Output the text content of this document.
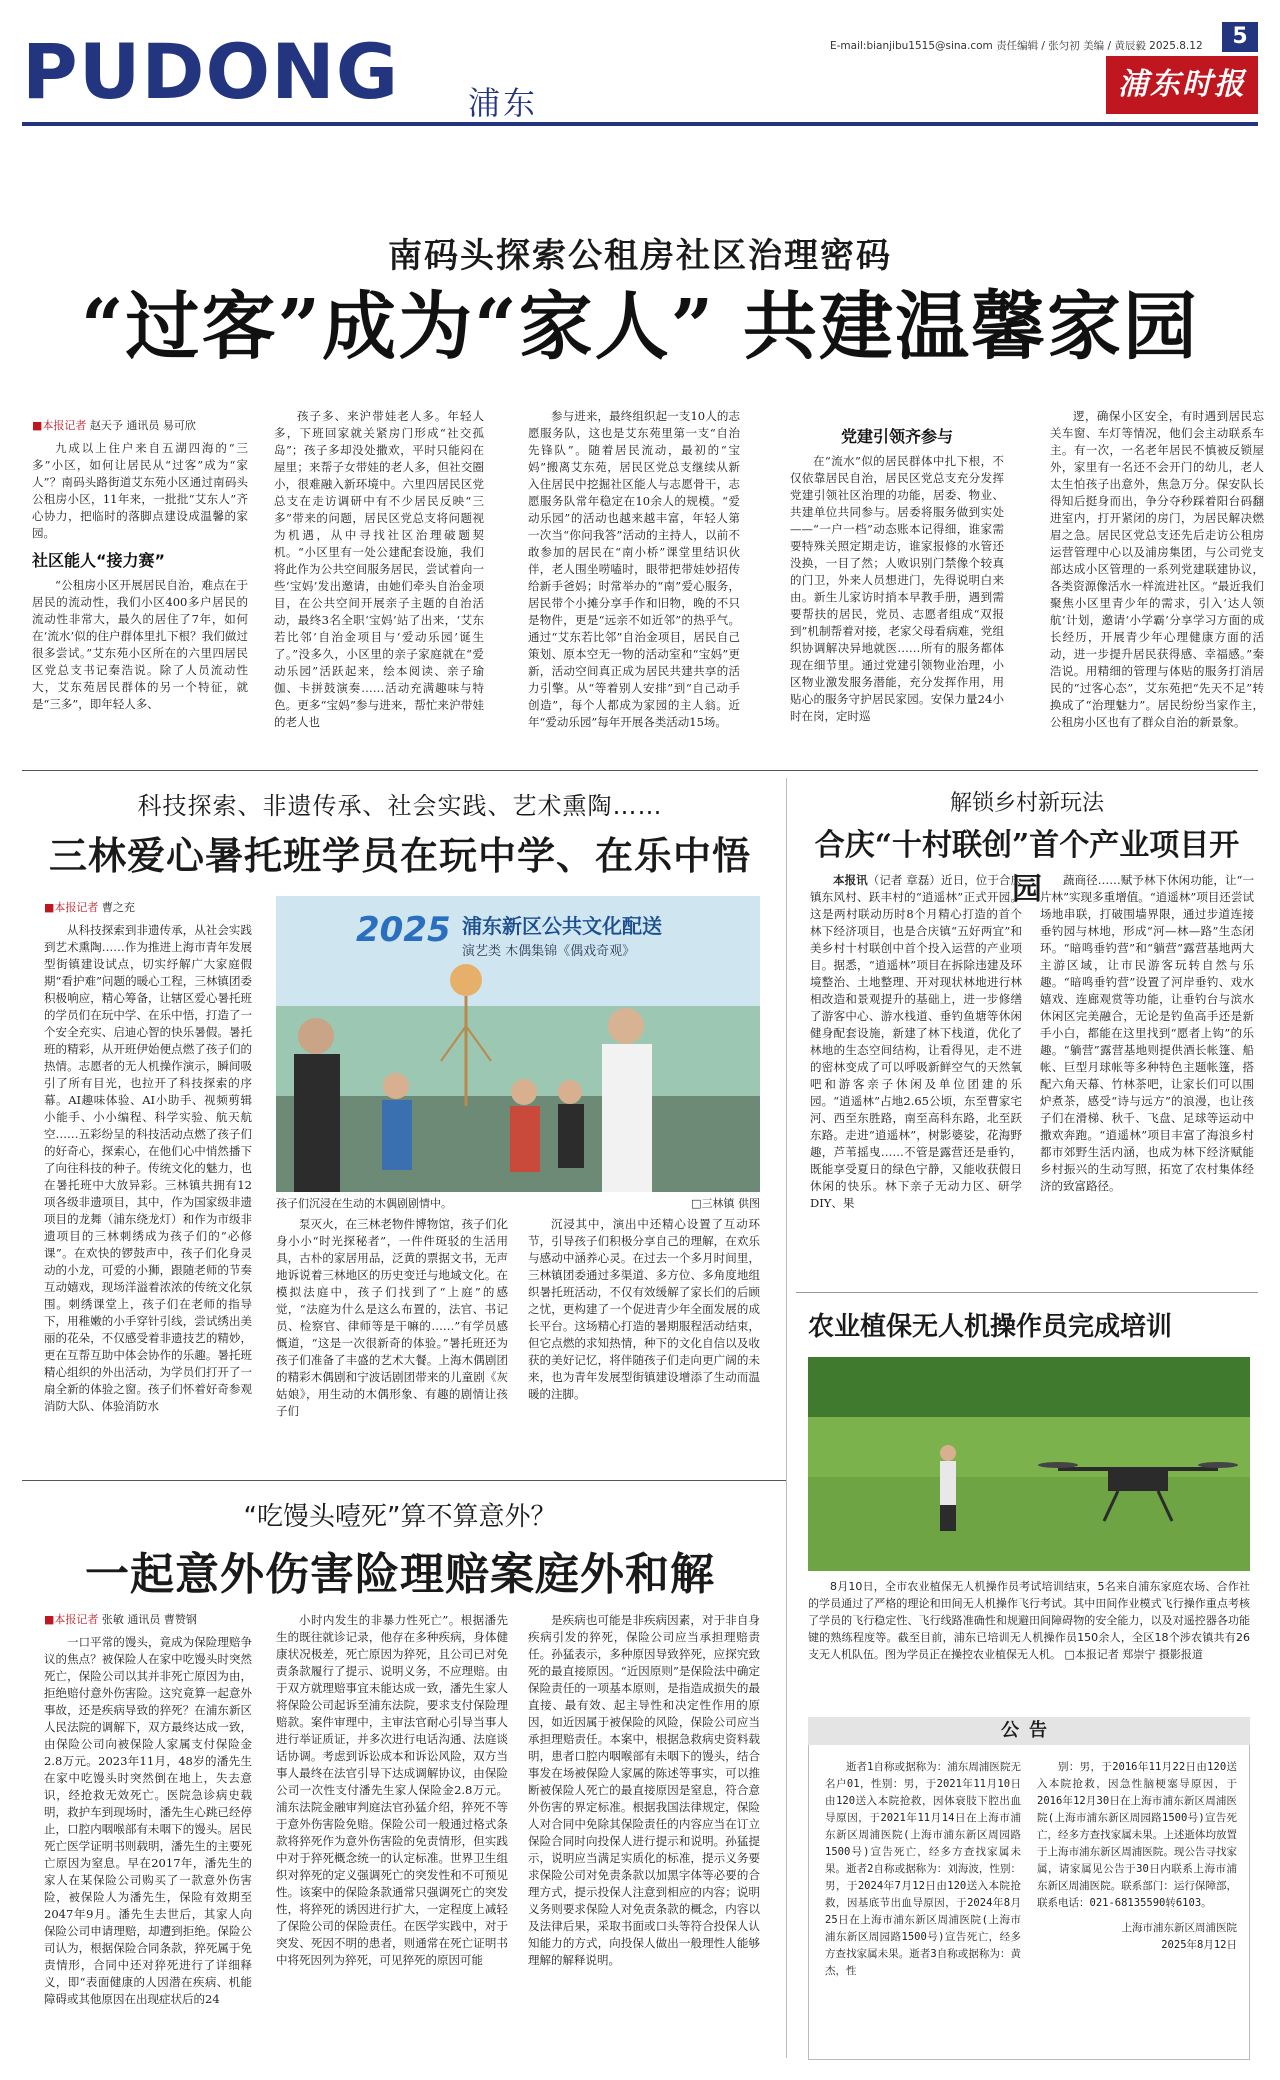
PUDONG 浦东
E-mail:bianjibu1515@sina.com 责任编辑 / 张匀初 美编 / 黄辰毅 2025.8.12	5
浦东时报
南码头探索公租房社区治理密码
“过客”成为“家人” 共建温馨家园
■本报记者 赵天予 通讯员 易可欣

九成以上住户来自五湖四海的“三多”小区，如何让居民从“过客”成为“家人”？南码头路街道艾东苑小区通过南码头公租房小区，11年来，一批批“艾东人”齐心协力，把临时的落脚点建设成温馨的家园。

社区能人“接力赛”

“公租房小区开展居民自治，难点在于居民的流动性，我们小区400多户居民的流动性非常大，最久的居住了7年，如何在‘流水’似的住户群体里扎下根？我们做过很多尝试。”艾东苑小区所在的六里四居民区党总支书记秦浩说。除了人员流动性大，艾东苑居民群体的另一个特征，就是“三多”，即年轻人多、

孩子多、来沪带娃老人多。年轻人多，下班回家就关紧房门形成“社交孤岛”；孩子多却没处撒欢，平时只能闷在屋里；来帮子女带娃的老人多，但社交圈小，很难融入新环境中。六里四居民区党总支在走访调研中有不少居民反映“三多”带来的问题，居民区党总支将问题视为机遇，从中寻找社区治理破题契机。“小区里有一处公建配套设施，我们将此作为公共空间服务居民，尝试着向一些‘宝妈’发出邀请，由她们牵头自治金项目，在公共空间开展亲子主题的自治活动，最终3名全职‘宝妈’站了出来，‘艾东若比邻’自治金项目与‘爱动乐园’诞生了。”没多久，小区里的亲子家庭就在“爱动乐园”活跃起来，绘本阅读、亲子瑜伽、卡拼鼓演奏……活动充满趣味与特色。更多“宝妈”参与进来，帮忙来沪带娃的老人也

参与进来，最终组织起一支10人的志愿服务队，这也是艾东苑里第一支“自治先锋队”。随着居民流动，最初的“宝妈”搬离艾东苑，居民区党总支继续从新入住居民中挖掘社区能人与志愿骨干，志愿服务队常年稳定在10余人的规模。“爱动乐园”的活动也越来越丰富，年轻人第一次当“你问我答”活动的主持人，以前不敢参加的居民在“南小桥”课堂里结识伙伴，老人围坐唠嗑时，眼带把带娃妙招传给新手爸妈；时常举办的“南”爱心服务，居民带个小摊分享手作和旧物，晚的不只是物件，更是“远亲不如近邻”的热乎气。通过“艾东若比邻”自治金项目，居民自己策划、原本空无一物的活动室和“宝妈”更新，活动空间真正成为居民共建共享的活力引擎。从“等着别人安排”到“自己动手创造”，每个人都成为家园的主人翁。近年“爱动乐园”每年开展各类活动15场。

党建引领齐参与

在“流水”似的居民群体中扎下根，不仅依靠居民自治，居民区党总支充分发挥党建引领社区治理的功能，居委、物业、共建单位共同参与。居委将服务做到实处——“一户一档”动态账本记得细，谁家需要特殊关照定期走访，谁家报修的水管还没换，一目了然；人败识别门禁像个较真的门卫，外来人员想进门，先得说明白来由。新生儿家访时捎本早教手册，遇到需要帮扶的居民，党员、志愿者组成“双报到”机制帮着对接，老家父母看病难，党组织协调解决异地就医……所有的服务都体现在细节里。通过党建引领物业治理，小区物业激发服务潜能，充分发挥作用，用贴心的服务守护居民家园。安保力量24小时在岗，定时巡

逻，确保小区安全，有时遇到居民忘关车窗、车灯等情况，他们会主动联系车主。有一次，一名老年居民不慎被反锁屋外，家里有一名还不会开门的幼儿，老人太生怕孩子出意外，焦急万分。保安队长得知后挺身而出，争分夺秒踩着阳台码翻进室内，打开紧闭的房门，为居民解决燃眉之急。居民区党总支还先后走访公租房运营管理中心以及浦房集团，与公司党支部达成小区管理的一系列党建联建协议，各类资源像活水一样流进社区。“最近我们聚焦小区里青少年的需求，引入‘达人领航’计划，邀请‘小学霸’分享学习方面的成长经历，开展青少年心理健康方面的活动，进一步提升居民获得感、幸福感。”秦浩说。用精细的管理与体贴的服务打消居民的“过客心态”，艾东苑把“先天不足”转换成了“治理魅力”。居民纷纷当家作主，公租房小区也有了群众自治的新景象。

科技探索、非遗传承、社会实践、艺术熏陶……
三林爱心暑托班学员在玩中学、在乐中悟
■本报记者 曹之充

从科技探索到非遗传承，从社会实践到艺术熏陶……作为推进上海市青年发展型街镇建设试点，切实纾解广大家庭假期“看护难”问题的暖心工程，三林镇团委积极响应，精心筹备，让辖区爱心暑托班的学员们在玩中学、在乐中悟，打造了一个安全充实、启迪心智的快乐暑假。暑托班的精彩，从开班伊始便点燃了孩子们的热情。志愿者的无人机操作演示，瞬间吸引了所有目光，也拉开了科技探索的序幕。AI趣味体验、AI小助手、视频剪辑小能手、小小编程、科学实验、航天航空……五彩纷呈的科技活动点燃了孩子们的好奇心，探索心，在他们心中悄然播下了向往科技的种子。传统文化的魅力，也在暑托班中大放异彩。三林镇共拥有12项各级非遗项目，其中，作为国家级非遗项目的龙舞（浦东绕龙灯）和作为市级非遗项目的三林刺绣成为孩子们的“必修课”。在欢快的锣鼓声中，孩子们化身灵动的小龙，可爱的小狮，跟随老师的节奏互动嬉戏，现场洋溢着浓浓的传统文化氛围。刺绣课堂上，孩子们在老师的指导下，用稚嫩的小手穿针引线，尝试绣出美丽的花朵，不仅感受着非遗技艺的精妙，更在互帮互助中体会协作的乐趣。暑托班精心组织的外出活动，为学员们打开了一扇全新的体验之窗。孩子们怀着好奇参观消防大队、体验消防水

2025 浦东新区公共文化配送
演艺类 木偶集锦《偶戏奇观》
孩子们沉浸在生动的木偶剧剧情中。	□三林镇 供图

泵灭火，在三林老物件博物馆，孩子们化身小小“时光探秘者”，一件件斑驳的生活用具，古朴的家居用品，泛黄的票据文书，无声地诉说着三林地区的历史变迁与地域文化。在模拟法庭中，孩子们找到了“上庭”的感觉，“法庭为什么是这么布置的，法官、书记员、检察官、律师等是干嘛的……”有学员感慨道，“这是一次很新奇的体验。”暑托班还为孩子们准备了丰盛的艺术大餐。上海木偶剧团的精彩木偶剧和宁波话剧团带来的儿童剧《灰姑娘》，用生动的木偶形象、有趣的剧情让孩子们

沉浸其中，演出中还精心设置了互动环节，引导孩子们积极分享自己的理解，在欢乐与感动中涵养心灵。在过去一个多月时间里，三林镇团委通过多渠道、多方位、多角度地组织暑托班活动，不仅有效缓解了家长们的后顾之忧，更构建了一个促进青少年全面发展的成长平台。这场精心打造的暑期服程活动结束，但它点燃的求知热情，种下的文化自信以及收获的美好记忆，将伴随孩子们走向更广阔的未来，也为青年发展型街镇建设增添了生动而温暖的注脚。

解锁乡村新玩法
合庆“十村联创”首个产业项目开园

本报讯（记者 章磊）近日，位于合庆镇东风村、跃丰村的“逍遥林”正式开园。这是两村联动历时8个月精心打造的首个林下经济项目，也是合庆镇“五好两宜”和美乡村十村联创中首个投入运营的产业项目。据悉，“逍遥林”项目在拆除违建及环境整治、土地整理、开对现状林地进行林相改造和景观提升的基础上，进一步修缮了游客中心、游水栈道、垂钓鱼塘等休闲健身配套设施，新建了林下栈道，优化了林地的生态空间结构，让看得见，走不进的密林变成了可以呼吸新鲜空气的天然氧吧和游客亲子休闲及单位团建的乐园。“逍遥林”占地2.65公顷，东至曹家宅河、西至东胜路，南至高科东路，北至跃东路。走进“逍遥林”，树影婆娑，花海野趣，芦苇摇曳……不管是露营还是垂钓，既能享受夏日的绿色宁静，又能收获假日休闲的快乐。林下亲子无动力区、研学DIY、果

蔬商径……赋予林下休闲功能，让“一片林”实现多重增值。“逍遥林”项目还尝试场地串联，打破围墙界限，通过步道连接垂钓园与林地，形成“河—林—路”生态闭环。“暗鸣垂钓营”和“躺营”露营基地两大主游区域，让市民游客玩转自然与乐趣。“暗鸣垂钓营”设置了河岸垂钓、戏水嬉戏、连廊观赏等功能，让垂钓台与滨水休闲区完美融合，无论是钓鱼高手还是新手小白，都能在这里找到“愿者上钩”的乐趣。“躺营”露营基地则提供酒长帐篷、船帐、巨型月球帐等多种特色主题帐篷，搭配六角天幕、竹林茶吧，让家长们可以围炉煮茶，感受“诗与远方”的浪漫，也让孩子们在滑梯、秋千、飞盘、足球等运动中撒欢奔跑。“逍遥林”项目丰富了海浪乡村都市郊野生活内涵，也成为林下经济赋能乡村振兴的生动写照，拓宽了农村集体经济的致富路径。

农业植保无人机操作员完成培训
8月10日，全市农业植保无人机操作员考试培训结束，5名来自浦东家庭农场、合作社的学员通过了严格的理论和田间无人机操作飞行考试。其中田间作业模式飞行操作重点考核了学员的飞行稳定性、飞行线路准确性和规避田间障碍物的安全能力，以及对遥控器各功能键的熟练程度等。截至目前，浦东已培训无人机操作员150余人，全区18个涉农镇共有26支无人机队伍。图为学员正在操控农业植保无人机。 □本报记者 郑崇宁 摄影报道
“吃馒头噎死”算不算意外？
一起意外伤害险理赔案庭外和解
■本报记者 张敏 通讯员 曹赞钢

一口平常的馒头，竟成为保险理赔争议的焦点？被保险人在家中吃馒头时突然死亡，保险公司以其并非死亡原因为由，拒绝赔付意外伤害险。这究竟算一起意外事故，还是疾病导致的猝死？在浦东新区人民法院的调解下，双方最终达成一致，由保险公司向被保险人家属支付保险金2.8万元。2023年11月，48岁的潘先生在家中吃馒头时突然倒在地上，失去意识，经抢救无效死亡。医院急诊病史载明，救护车到现场时，潘先生心跳已经停止，口腔内咽喉部有未咽下的馒头。居民死亡医学证明书则载明，潘先生的主要死亡原因为窒息。早在2017年，潘先生的家人在某保险公司购买了一款意外伤害险，被保险人为潘先生，保险有效期至2047年9月。潘先生去世后，其家人向保险公司申请理赔，却遭到拒绝。保险公司认为，根据保险合同条款，猝死属于免责情形，合同中还对猝死进行了详细释义，即“表面健康的人因潜在疾病、机能障碍或其他原因在出现症状后的24

小时内发生的非暴力性死亡”。根据潘先生的既往就诊记录，他存在多种疾病，身体健康状况极差，死亡原因为猝死，且公司已对免责条款履行了提示、说明义务，不应理赔。由于双方就理赔事宜未能达成一致，潘先生家人将保险公司起诉至浦东法院，要求支付保险理赔款。案件审理中，主审法官耐心引导当事人进行举证质证，并多次进行电话沟通、法庭谈话协调。考虑到诉讼成本和诉讼风险，双方当事人最终在法官引导下达成调解协议，由保险公司一次性支付潘先生家人保险金2.8万元。浦东法院金融审判庭法官孙猛介绍，猝死不等于意外伤害险免赔。保险公司一般通过格式条款将猝死作为意外伤害险的免责情形，但实践中对于猝死概念统一的认定标准。世界卫生组织对猝死的定义强调死亡的突发性和不可预见性。该案中的保险条款通常只强调死亡的突发性，将猝死的诱因进行扩大，一定程度上减轻了保险公司的保险责任。在医学实践中，对于突发、死因不明的患者，则通常在死亡证明书中将死因列为猝死，可见猝死的原因可能

是疾病也可能是非疾病因素，对于非自身疾病引发的猝死，保险公司应当承担理赔责任。孙猛表示，多种原因导致猝死，应探究致死的最直接原因。“近因原则”是保险法中确定保险责任的一项基本原则，是指造成损失的最直接、最有效、起主导性和决定性作用的原因，如近因属于被保险的风险，保险公司应当承担理赔责任。本案中，根据急救病史资料载明，患者口腔内咽喉部有未咽下的馒头，结合事发在场被保险人家属的陈述等事实，可以推断被保险人死亡的最直接原因是窒息，符合意外伤害的界定标准。根据我国法律规定，保险人对合同中免除其保险责任的内容应当在订立保险合同时向投保人进行提示和说明。孙猛提示，说明应当满足实质化的标准，提示义务要求保险公司对免责条款以加黑字体等必要的合理方式，提示投保人注意到相应的内容；说明义务则要求保险人对免责条款的概念，内容以及法律后果，采取书面或口头等符合投保人认知能力的方式，向投保人做出一般理性人能够理解的解释说明。

公告

逝者1自称或据称为：浦东周浦医院无名户01，性别：男，于2021年11月10日由120送入本院抢救，因体衰肢下腔出血导原因，于2021年11月14日在上海市浦东新区周浦医院(上海市浦东新区周园路1500号)宣告死亡，经多方查找家属未果。逝者2自称或据称为：刘海波，性别：男，于2024年7月12日由120送入本院抢救，因基底节出血导原因，于2024年8月25日在上海市浦东新区周浦医院(上海市浦东新区周园路1500号)宣告死亡，经多方查找家属未果。逝者3自称或据称为：黄杰，性

别：男，于2016年11月22日由120送入本院抢救，因急性脑梗塞导原因，于2016年12月30日在上海市浦东新区周浦医院(上海市浦东新区周园路1500号)宣告死亡，经多方查找家属未果。上述逝体均放置于上海市浦东新区周浦医院。现公告寻找家属，请家属见公告于30日内联系上海市浦东新区周浦医院。联系部门：运行保障部，联系电话：021-68135590转6103。

上海市浦东新区周浦医院

2025年8月12日
